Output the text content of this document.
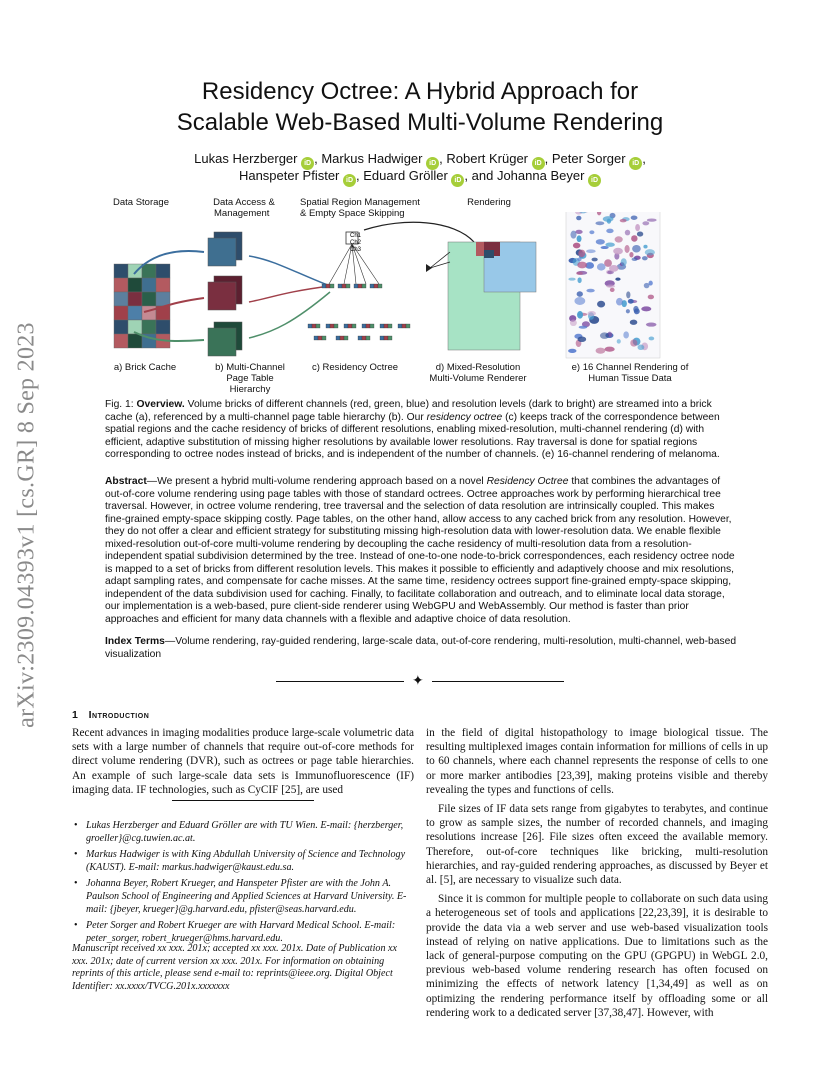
arXiv:2309.04393v1 [cs.GR] 8 Sep 2023
Residency Octree: A Hybrid Approach for
Scalable Web-Based Multi-Volume Rendering
Lukas Herzberger iD , Markus Hadwiger iD , Robert Krüger iD , Peter Sorger iD ,
Hanspeter Pfister iD , Eduard Gröller iD , and Johanna Beyer iD
Data Storage	Data Access &
Management
Spatial Region Management
& Empty Space Skipping
Rendering
Ch1
Ch2
Ch3
a) Brick Cache	b) Multi-Channel
Page Table
Hierarchy
c) Residency Octree	d) Mixed-Resolution
Multi-Volume Renderer
e) 16 Channel Rendering of
Human Tissue Data
Fig. 1: Overview. Volume bricks of different channels (red, green, blue) and resolution levels (dark to bright) are streamed into a brick cache (a), referenced by a multi-channel page table hierarchy (b). Our residency octree (c) keeps track of the correspondence between spatial regions and the cache residency of bricks of different resolutions, enabling mixed-resolution, multi-channel rendering (d) with efficient, adaptive substitution of missing higher resolutions by available lower resolutions. Ray traversal is done for spatial regions corresponding to octree nodes instead of bricks, and is independent of the number of channels. (e) 16-channel rendering of melanoma.
Abstract—We present a hybrid multi-volume rendering approach based on a novel Residency Octree that combines the advantages of out-of-core volume rendering using page tables with those of standard octrees. Octree approaches work by performing hierarchical tree traversal. However, in octree volume rendering, tree traversal and the selection of data resolution are intrinsically coupled. This makes fine-grained empty-space skipping costly. Page tables, on the other hand, allow access to any cached brick from any resolution. However, they do not offer a clear and efficient strategy for substituting missing high-resolution data with lower-resolution data. We enable flexible mixed-resolution out-of-core multi-volume rendering by decoupling the cache residency of multi-resolution data from a resolution-independent spatial subdivision determined by the tree. Instead of one-to-one node-to-brick correspondences, each residency octree node is mapped to a set of bricks from different resolution levels. This makes it possible to efficiently and adaptively choose and mix resolutions, adapt sampling rates, and compensate for cache misses. At the same time, residency octrees support fine-grained empty-space skipping, independent of the data subdivision used for caching. Finally, to facilitate collaboration and outreach, and to eliminate local data storage, our implementation is a web-based, pure client-side renderer using WebGPU and WebAssembly. Our method is faster than prior approaches and efficient for many data channels with a flexible and adaptive choice of data resolution.
Index Terms—Volume rendering, ray-guided rendering, large-scale data, out-of-core rendering, multi-resolution, multi-channel, web-based visualization
✦
1 Introduction
Recent advances in imaging modalities produce large-scale volumetric data sets with a large number of channels that require out-of-core methods for direct volume rendering (DVR), such as octrees or page table hierarchies. An example of such large-scale data sets is Immunofluorescence (IF) imaging data. IF technologies, such as CyCIF [25], are used
• Lukas Herzberger and Eduard Gröller are with TU Wien. E-mail: {herzberger, groeller}@cg.tuwien.ac.at.
• Markus Hadwiger is with King Abdullah University of Science and Technology (KAUST). E-mail: markus.hadwiger@kaust.edu.sa.
• Johanna Beyer, Robert Krueger, and Hanspeter Pfister are with the John A. Paulson School of Engineering and Applied Sciences at Harvard University. E-mail: {jbeyer, krueger}@g.harvard.edu, pfister@seas.harvard.edu.
• Peter Sorger and Robert Krueger are with Harvard Medical School. E-mail: peter_sorger, robert_krueger@hms.harvard.edu.
Manuscript received xx xxx. 201x; accepted xx xxx. 201x. Date of Publication xx xxx. 201x; date of current version xx xxx. 201x. For information on obtaining reprints of this article, please send e-mail to: reprints@ieee.org. Digital Object Identifier: xx.xxxx/TVCG.201x.xxxxxxx
in the field of digital histopathology to image biological tissue. The resulting multiplexed images contain information for millions of cells in up to 60 channels, where each channel represents the response of cells to one or more marker antibodies [23,39], making proteins visible and thereby revealing the types and functions of cells.
File sizes of IF data sets range from gigabytes to terabytes, and continue to grow as sample sizes, the number of recorded channels, and imaging resolutions increase [26]. File sizes often exceed the available memory. Therefore, out-of-core techniques like bricking, multi-resolution hierarchies, and ray-guided rendering approaches, as discussed by Beyer et al. [5], are necessary to visualize such data.
Since it is common for multiple people to collaborate on such data using a heterogeneous set of tools and applications [22,23,39], it is desirable to provide the data via a web server and use web-based visualization tools instead of relying on native applications. Due to limitations such as the lack of general-purpose computing on the GPU (GPGPU) in WebGL 2.0, previous web-based volume rendering research has often focused on minimizing the effects of network latency [1,34,49] as well as on optimizing the rendering performance itself by offloading some or all rendering work to a dedicated server [37,38,47]. However, with
